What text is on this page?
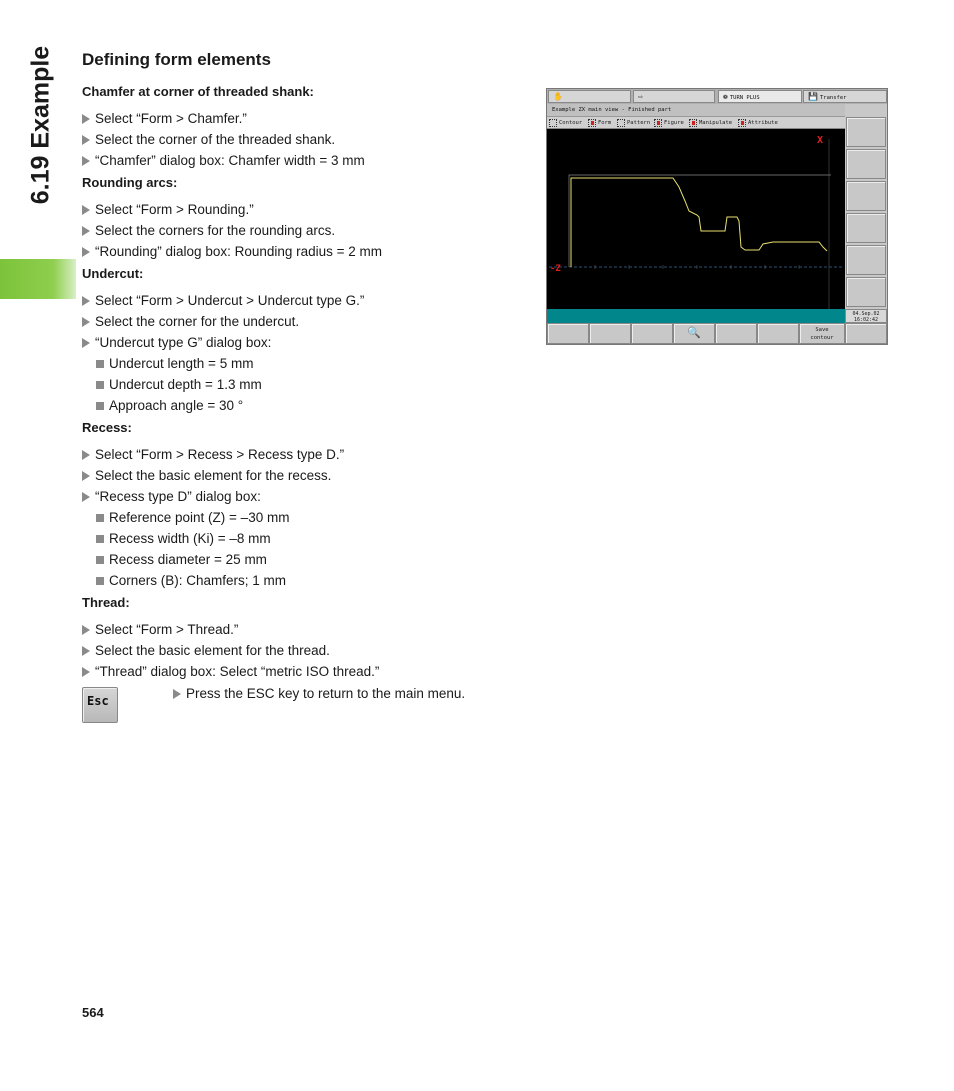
6.19 Example Defining form elements
Chamfer at corner of threaded shank:
Select “Form > Chamfer.”
Select the corner of the threaded shank.
“Chamfer” dialog box: Chamfer width = 3 mm
Rounding arcs:
Select “Form > Rounding.”
Select the corners for the rounding arcs.
“Rounding” dialog box: Rounding radius = 2 mm
Undercut:
Select “Form > Undercut > Undercut type G.”
Select the corner for the undercut.
“Undercut type G” dialog box:
Undercut length = 5 mm
Undercut depth = 1.3 mm
Approach angle = 30 °
Recess:
Select “Form > Recess > Recess type D.”
Select the basic element for the recess.
“Recess type D” dialog box:
Reference point (Z) = –30 mm
Recess width (Ki) = –8 mm
Recess diameter = 25 mm
Corners (B): Chamfers; 1 mm
Thread:
Select “Form > Thread.”
Select the basic element for the thread.
“Thread” dialog box: Select “metric ISO thread.”
Esc	Press the ESC key to return to the main menu.
564
✋	⇨	❁ TURN PLUS	💾 Transfer
Example ZX main view - Finished part
Contour	Form	Pattern	Figure	Manipulate	Attribute
X
-Z
04.Sep.02
16:02:42
🔍	Save
contour
